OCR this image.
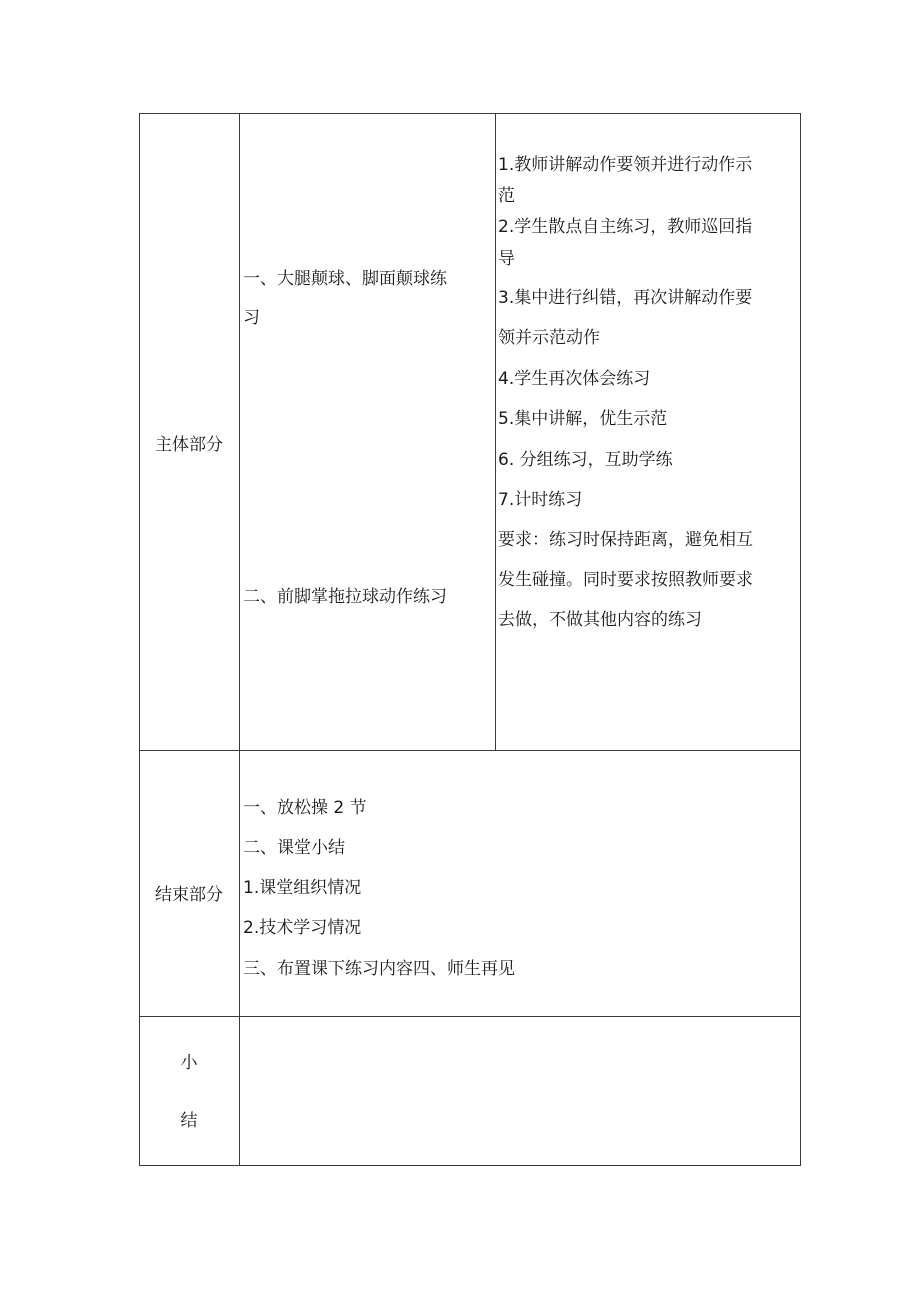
主体部分
一、大腿颠球、脚面颠球练
习
二、前脚掌拖拉球动作练习
1.教师讲解动作要领并进行动作示
范
2.学生散点自主练习，教师巡回指
导
3.集中进行纠错，再次讲解动作要
领并示范动作
4.学生再次体会练习
5.集中讲解，优生示范
6. 分组练习，互助学练
7.计时练习
要求：练习时保持距离，避免相互
发生碰撞。同时要求按照教师要求
去做，不做其他内容的练习
结束部分
一、放松操 2 节
二、课堂小结
1.课堂组织情况
2.技术学习情况
三、布置课下练习内容四、师生再见
小
结
